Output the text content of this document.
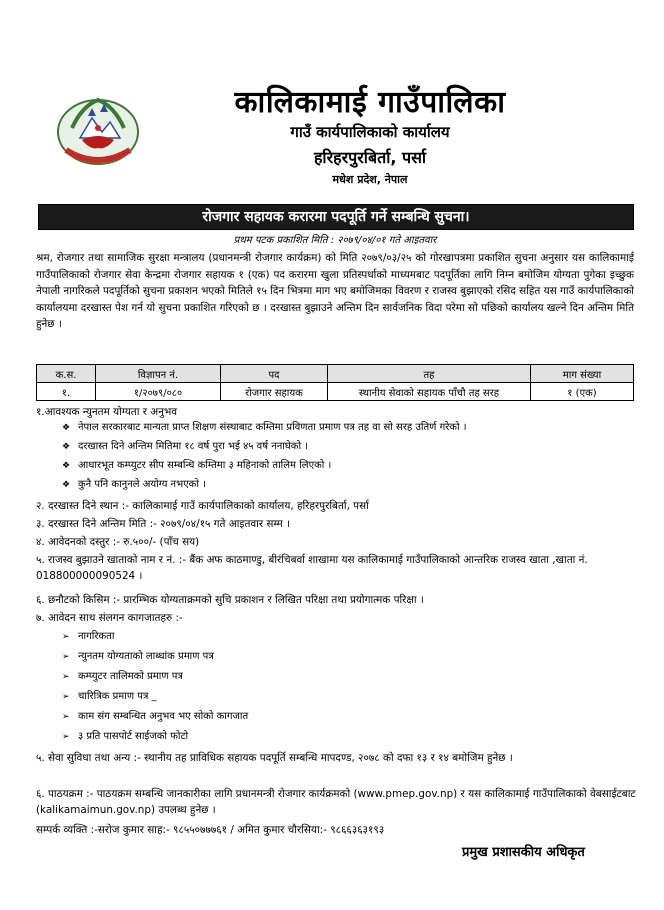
कालिकामाई गाउँपालिका
गाउँ कार्यपालिकाको कार्यालय
हरिहरपुरबिर्ता, पर्सा
मधेश प्रदेश, नेपाल
रोजगार सहायक करारमा पदपूर्ति गर्ने सम्बन्धि सुचना।
प्रथम पटक प्रकाशित मिति : २०७९/०४/०१ गते आइतवार
श्रम, रोजगार तथा सामाजिक सुरक्षा मन्त्रालय (प्रधानमन्त्री रोजगार कार्यक्रम) को मिति २०७९/०३/२५ को गोरखापत्रमा प्रकाशित सुचना अनुसार यस कालिकामाई गाउँपालिकाको रोजगार सेवा केन्द्रमा रोजगार सहायक १ (एक) पद करारमा खुला प्रतिस्पर्धाको माध्यमबाट पदपूर्तिका लागि निम्न बमोजिम योग्यता पुगेका इच्छुक नेपाली नागरिकले पदपूर्तिको सुचना प्रकाशन भएको मितिले १५ दिन भित्रमा माग भए बमोजिमका विवरण र राजस्व बुझाएको रसिद सहित यस गाउँ कार्यपालिकाको कार्यालयमा दरखास्त पेश गर्न यो सुचना प्रकाशित गरिएको छ । दरखास्त बुझाउने अन्तिम दिन सार्वजनिक विदा परेमा सो पछिको कार्यालय खल्ने दिन अन्तिम मिति हुनेछ ।
क.स.	विज्ञापन नं.	पद	तह	माग संख्या
१.	१/२०७९/०८०	रोजगार सहायक	स्थानीय सेवाको सहायक पाँचौ तह सरह	१ (एक)
१.आवश्यक न्युनतम योग्यता र अनुभव
❖ नेपाल सरकारबाट मान्यता प्राप्त शिक्षण संस्थाबाट कम्तिमा प्रविणता प्रमाण पत्र तह वा सो सरह उतिर्ण गरेको ।
❖ दरखास्त दिने अन्तिम मितिमा १८ वर्ष पुरा भई ४५ वर्ष ननाघेको ।
❖ आधारभूत कम्प्युटर सीप सम्बन्धि कम्तिमा ३ महिनाको तालिम लिएको ।
❖ कुनै पनि कानुनले अयोग्य नभएको ।
२. दरखास्त दिने स्थान :- कालिकामाई गाउँ कार्यपालिकाको कार्यालय, हरिहरपुरबिर्ता, पर्सा
३. दरखास्त दिने अन्तिम मिति :- २०७९/०४/१५ गते आइतवार सम्म ।
४. आवेदनको दस्तुर :- रु.५००/- (पाँच सय)
५. राजस्व बुझाउने खाताको नाम र नं. :- बैंक अफ काठमाण्डु, बीरंचिबर्वा शाखामा यस कालिकामाई गाउँपालिकाको आन्तरिक राजस्व खाता ,खाता नं. 018800000090524 ।
६. छनौटको किसिम :- प्रारम्भिक योग्यताक्रमको सुचि प्रकाशन र लिखित परिक्षा तथा प्रयोगात्मक परिक्षा ।
७. आवेदन साथ संलगन कागजातहरु :-
➢ नागरिकता
➢ न्युनतम योग्यताको लाब्धांक प्रमाण पत्र
➢ कम्प्युटर तालिमको प्रमाण पत्र
➢ चारित्रिक प्रमाण पत्र _
➢ काम संग सम्बन्धित अनुभव भए सोको कागजात
➢ ३ प्रति पासपोर्ट साईजको फोटो
५. सेवा सुविधा तथा अन्य :- स्थानीय तह प्राविधिक सहायक पदपूर्ति सम्बन्धि मापदण्ड, २०७८ को दफा १३ र १४ बमोजिम हुनेछ ।
६. पाठयक्रम :- पाठयक्रम सम्बन्धि जानकारीका लागि प्रधानमन्त्री रोजगार कार्यक्रमको (www.pmep.gov.np) र यस कालिकामाई गाउँपालिकाको वेबसाईटबाट (kalikamaimun.gov.np) उपलब्ध हुनेछ ।
सम्पर्क व्यक्ति :-सरोज कुमार साह:- ९८५५०७७७६१ / अमित कुमार चौरसिया:- ९८६६३६३१९३
प्रमुख प्रशासकीय अधिकृत
